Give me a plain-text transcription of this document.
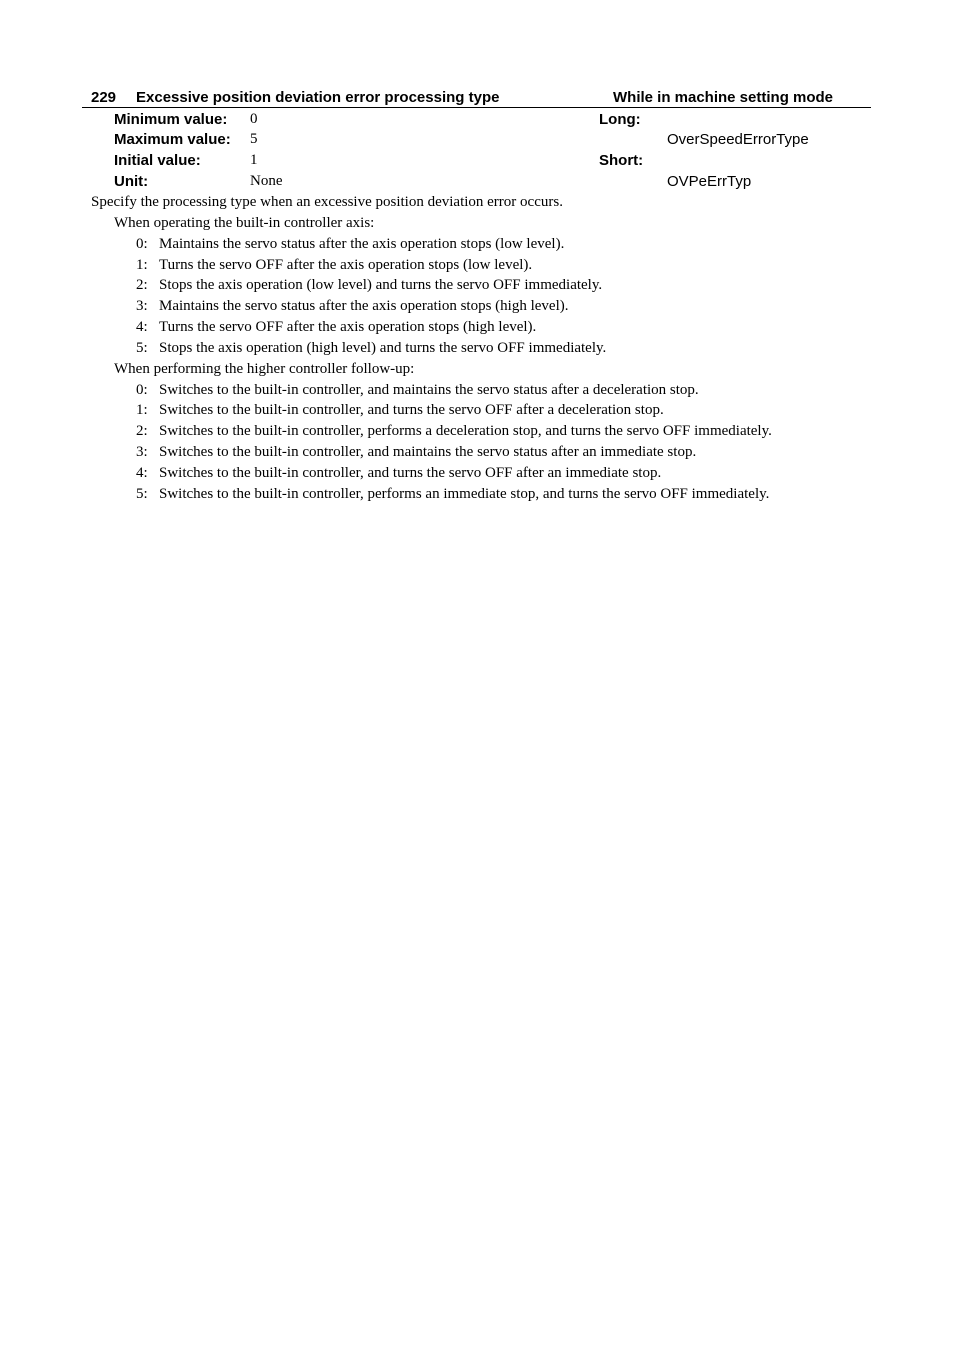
229 Excessive position deviation error processing type	While in machine setting mode
Minimum value: 0
Maximum value: 5
Initial value:	1
Unit:	None
Long:
OverSpeedErrorType
Short:
OVPeErrTyp
Specify the processing type when an excessive position deviation error occurs.
When operating the built-in controller axis:
0: Maintains the servo status after the axis operation stops (low level).
1: Turns the servo OFF after the axis operation stops (low level).
2: Stops the axis operation (low level) and turns the servo OFF immediately.
3: Maintains the servo status after the axis operation stops (high level).
4: Turns the servo OFF after the axis operation stops (high level).
5: Stops the axis operation (high level) and turns the servo OFF immediately.
When performing the higher controller follow-up:
0: Switches to the built-in controller, and maintains the servo status after a deceleration stop.
1: Switches to the built-in controller, and turns the servo OFF after a deceleration stop.
2: Switches to the built-in controller, performs a deceleration stop, and turns the servo OFF immediately.
3: Switches to the built-in controller, and maintains the servo status after an immediate stop.
4: Switches to the built-in controller, and turns the servo OFF after an immediate stop.
5: Switches to the built-in controller, performs an immediate stop, and turns the servo OFF immediately.
